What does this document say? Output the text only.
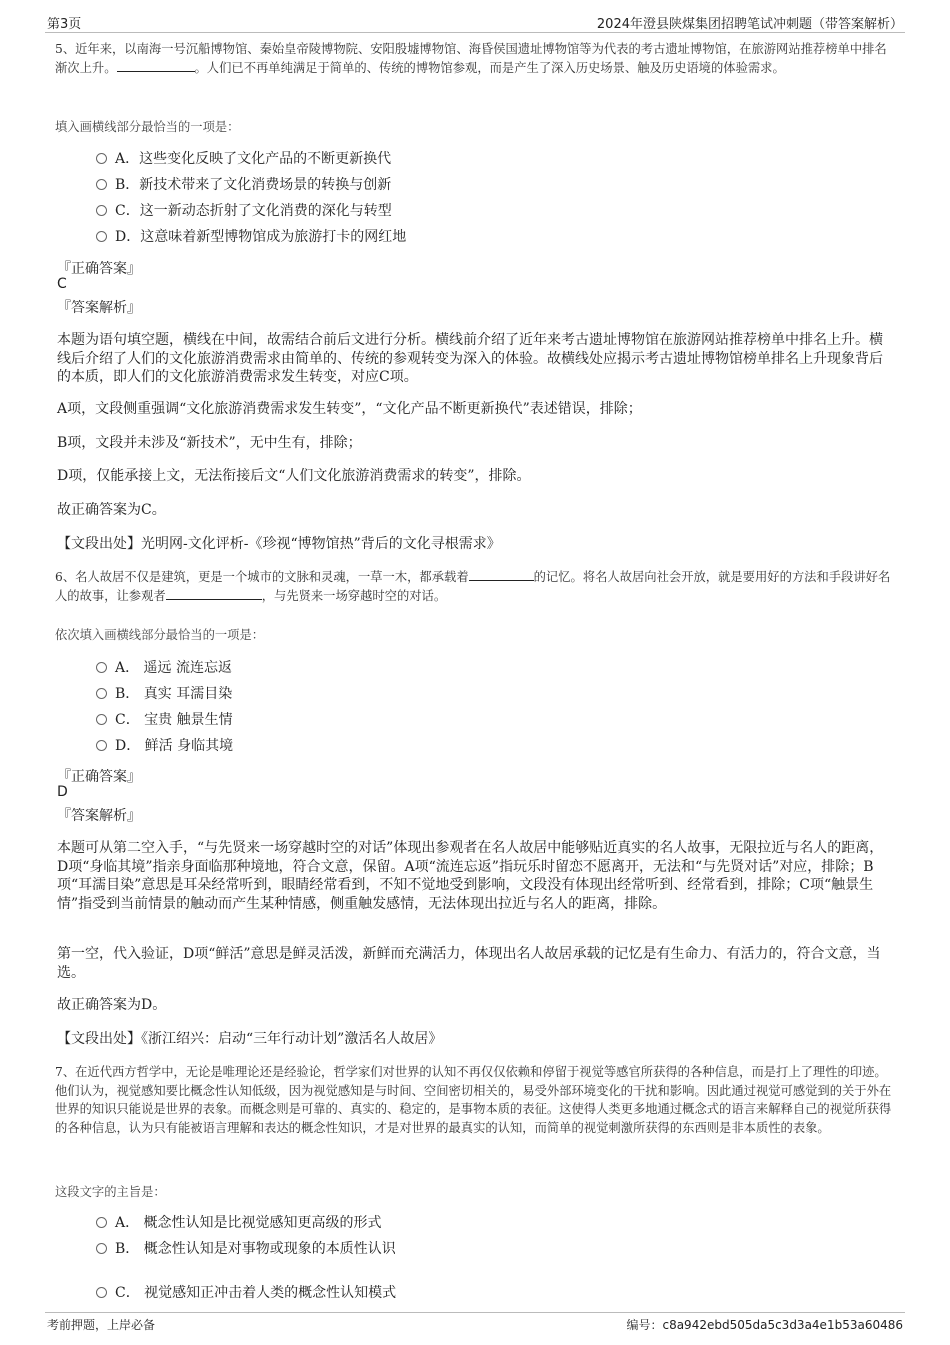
第3页	2024年澄县陕煤集团招聘笔试冲刺题（带答案解析）
5、近年来，以南海一号沉船博物馆、秦始皇帝陵博物院、安阳殷墟博物馆、海昏侯国遗址博物馆等为代表的考古遗址博物馆，在旅游网站推荐榜单中排名渐次上升。	。人们已不再单纯满足于简单的、传统的博物馆参观，而是产生了深入历史场景、触及历史语境的体验需求。
填入画横线部分最恰当的一项是：
A．这些变化反映了文化产品的不断更新换代
B．新技术带来了文化消费场景的转换与创新
C．这一新动态折射了文化消费的深化与转型
D．这意味着新型博物馆成为旅游打卡的网红地
『正确答案』
C
『答案解析』
本题为语句填空题，横线在中间，故需结合前后文进行分析。横线前介绍了近年来考古遗址博物馆在旅游网站推荐榜单中排名上升。横线后介绍了人们的文化旅游消费需求由简单的、传统的参观转变为深入的体验。故横线处应揭示考古遗址博物馆榜单排名上升现象背后的本质，即人们的文化旅游消费需求发生转变，对应C项。
A项，文段侧重强调“文化旅游消费需求发生转变”，“文化产品不断更新换代”表述错误，排除；
B项，文段并未涉及“新技术”，无中生有，排除；
D项，仅能承接上文，无法衔接后文“人们文化旅游消费需求的转变”，排除。
故正确答案为C。
【文段出处】光明网-文化评析-《珍视“博物馆热”背后的文化寻根需求》
6、名人故居不仅是建筑，更是一个城市的文脉和灵魂，一草一木，都承载着	的记忆。将名人故居向社会开放，就是要用好的方法和手段讲好名人的故事，让参观者	，与先贤来一场穿越时空的对话。
依次填入画横线部分最恰当的一项是：
A． 遥远 流连忘返
B． 真实 耳濡目染
C． 宝贵 触景生情
D． 鲜活 身临其境
『正确答案』
D
『答案解析』
本题可从第二空入手，“与先贤来一场穿越时空的对话”体现出参观者在名人故居中能够贴近真实的名人故事，无限拉近与名人的距离，D项“身临其境”指亲身面临那种境地，符合文意，保留。A项“流连忘返”指玩乐时留恋不愿离开，无法和“与先贤对话”对应，排除；B项“耳濡目染”意思是耳朵经常听到，眼睛经常看到，不知不觉地受到影响，文段没有体现出经常听到、经常看到，排除；C项“触景生情”指受到当前情景的触动而产生某种情感，侧重触发感情，无法体现出拉近与名人的距离，排除。
第一空，代入验证，D项“鲜活”意思是鲜灵活泼，新鲜而充满活力，体现出名人故居承载的记忆是有生命力、有活力的，符合文意，当选。
故正确答案为D。
【文段出处】《浙江绍兴：启动“三年行动计划”激活名人故居》
7、在近代西方哲学中，无论是唯理论还是经验论，哲学家们对世界的认知不再仅仅依赖和停留于视觉等感官所获得的各种信息，而是打上了理性的印迹。他们认为，视觉感知要比概念性认知低级，因为视觉感知是与时间、空间密切相关的，易受外部环境变化的干扰和影响。因此通过视觉可感觉到的关于外在世界的知识只能说是世界的表象。而概念则是可靠的、真实的、稳定的，是事物本质的表征。这使得人类更多地通过概念式的语言来解释自己的视觉所获得的各种信息，认为只有能被语言理解和表达的概念性知识，才是对世界的最真实的认知，而简单的视觉刺激所获得的东西则是非本质性的表象。
这段文字的主旨是：
A． 概念性认知是比视觉感知更高级的形式
B． 概念性认知是对事物或现象的本质性认识
C． 视觉感知正冲击着人类的概念性认知模式
考前押题，上岸必备	编号：c8a942ebd505da5c3d3a4e1b53a60486
